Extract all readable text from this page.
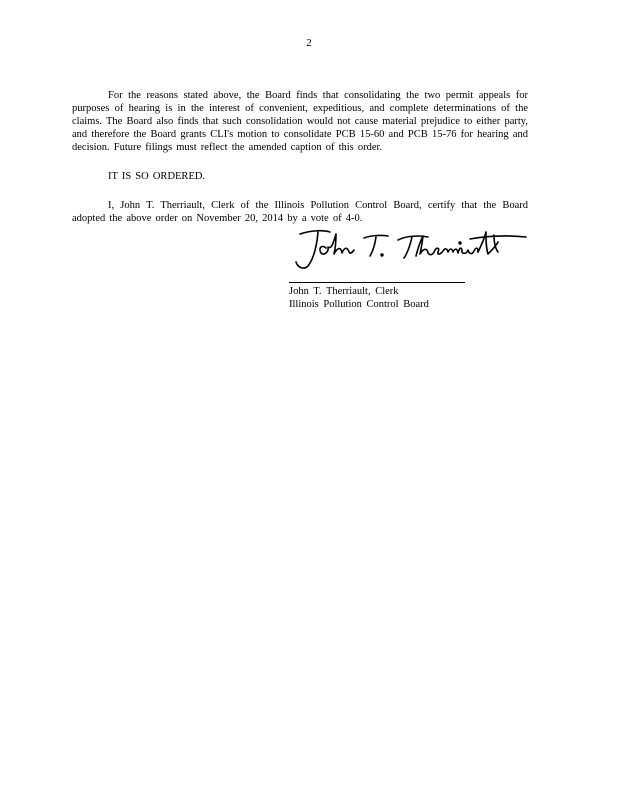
2

For the reasons stated above, the Board finds that consolidating the two permit appeals for purposes of hearing is in the interest of convenient, expeditious, and complete determinations of the claims. The Board also finds that such consolidation would not cause material prejudice to either party, and therefore the Board grants CLI's motion to consolidate PCB 15-60 and PCB 15-76 for hearing and decision. Future filings must reflect the amended caption of this order.

IT IS SO ORDERED.

I, John T. Therriault, Clerk of the Illinois Pollution Control Board, certify that the Board adopted the above order on November 20, 2014 by a vote of 4-0.

John T. Therriault, Clerk
Illinois Pollution Control Board
